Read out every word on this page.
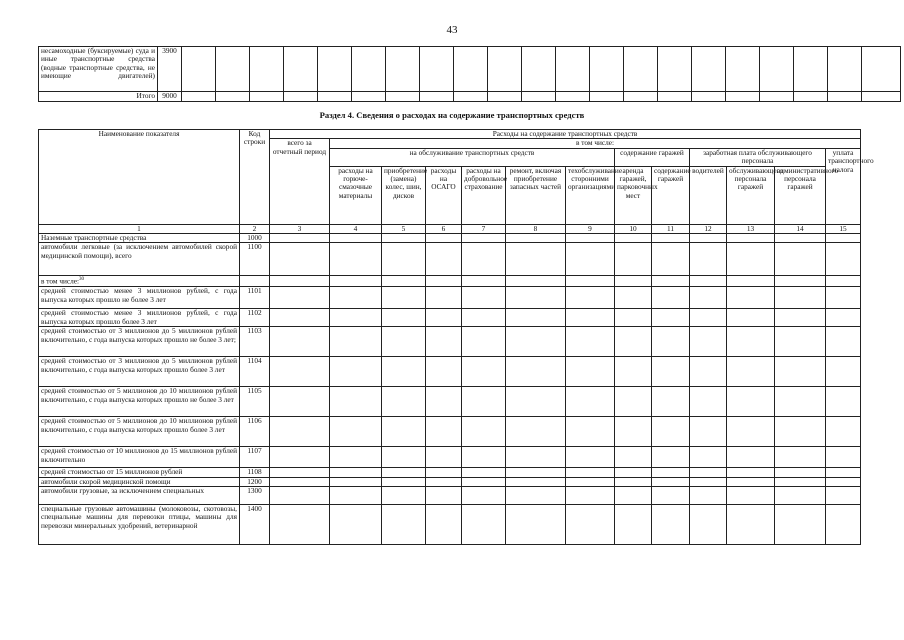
43
несамоходные (буксируемые) суда и иные транспортные средства (водные транспортные средства, не имеющие двигателей)	3900																					
Итого	9000																					
Раздел 4. Сведения о расходах на содержание транспортных средств
Наименование показателя	Код строки	Расходы на содержание транспортных средств												
		всего за отчетный период	в том числе:											
			на обслуживание транспортных средств						содержание гаражей		заработная плата обслуживающего персонала			уплата транспортного налога
			расходы на горюче-смазочные материалы	приобретение (замена) колес, шин, дисков	расходы на ОСАГО	расходы на добровольное страхование	ремонт, включая приобретение запасных частей	техобслуживание сторонними организациями	аренда гаражей, парковочных мест	содержание гаражей	водителей	обслуживающего персонала гаражей	административного персонала гаражей	
1	2	3	4	5	6	7	8	9	10	11	12	13	14	15
Наземные транспортные средства	1000													
автомобили легковые (за исключением автомобилей скорой медицинской помощи), всего	1100													
в том числе:$^{30}$														
средней стоимостью менее 3 миллионов рублей, с года выпуска которых прошло не более 3 лет	1101													
средней стоимостью менее 3 миллионов рублей, с года выпуска которых прошло более 3 лет	1102													
средней стоимостью от 3 миллионов до 5 миллионов рублей включительно, с года выпуска которых прошло не более 3 лет;	1103													
средней стоимостью от 3 миллионов до 5 миллионов рублей включительно, с года выпуска которых прошло более 3 лет	1104													
средней стоимостью от 5 миллионов до 10 миллионов рублей включительно, с года выпуска которых прошло не более 3 лет	1105													
средней стоимостью от 5 миллионов до 10 миллионов рублей включительно, с года выпуска которых прошло более 3 лет	1106													
средней стоимостью от 10 миллионов до 15 миллионов рублей включительно	1107													
средней стоимостью от 15 миллионов рублей	1108													
автомобили скорой медицинской помощи	1200													
автомобили грузовые, за исключением специальных	1300													
специальные грузовые автомашины (молоковозы, скотовозы, специальные машины для перевозки птицы, машины для перевозки минеральных удобрений, ветеринарной	1400													
